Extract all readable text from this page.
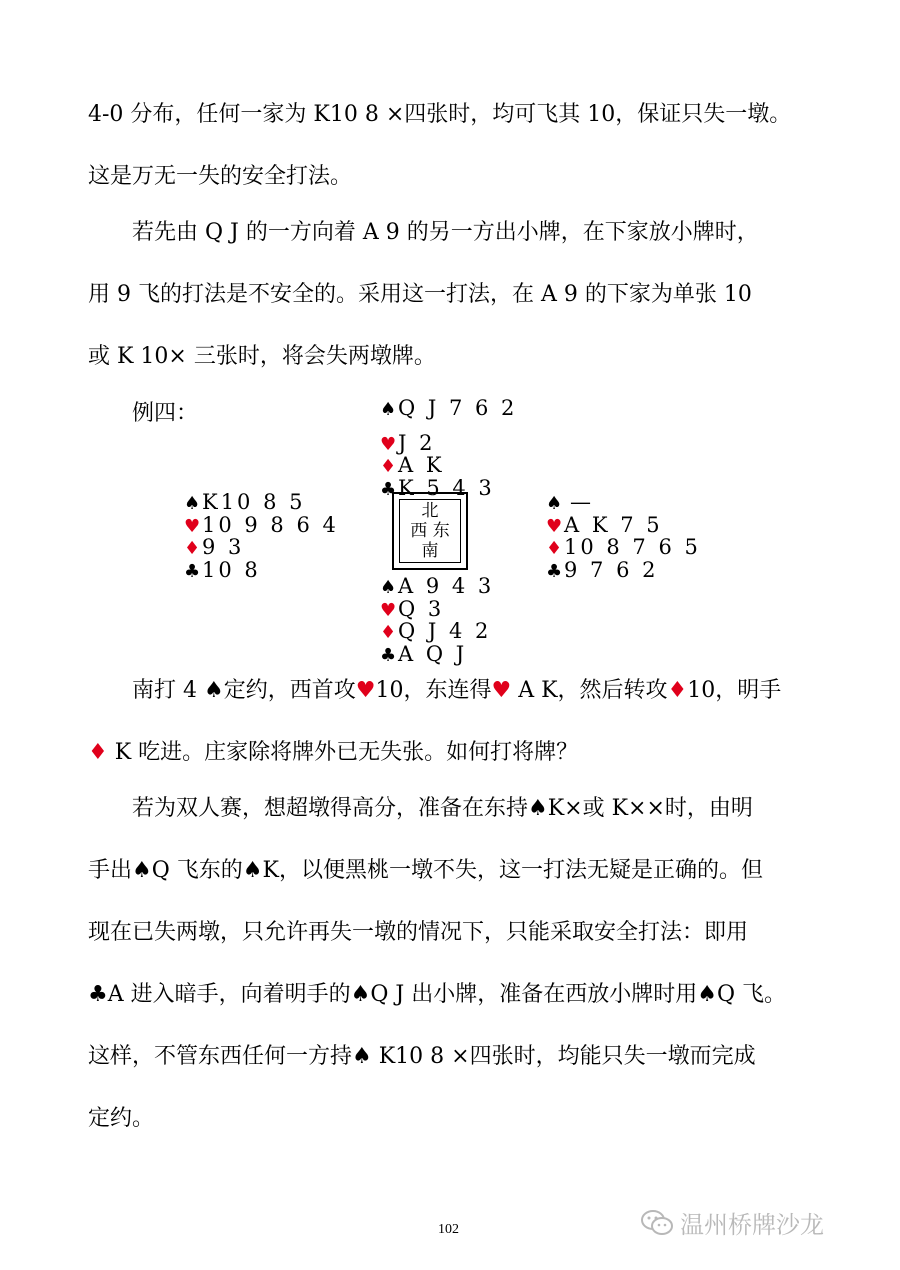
4-0 分布，任何一家为 K10 8 ×四张时，均可飞其 10，保证只失一墩。
这是万无一失的安全打法。

若先由 Q J 的一方向着 A 9 的另一方出小牌，在下家放小牌时，
用 9 飞的打法是不安全的。采用这一打法，在 A 9 的下家为单张 10
或 K 10× 三张时，将会失两墩牌。

例四：	♠Q J 7 6 2
♥J 2
♦A K
♣K 5 4 3
♠K10 8 5
♥10 9 8 6 4
♦9 3
♣10 8
北
西 东
南
♠ —
♥A K 7 5
♦10 8 7 6 5
♣9 7 6 2
♠A 9 4 3
♥Q 3
♦Q J 4 2
♣A Q J

南打 4 ♠定约，西首攻♥10，东连得♥ A K，然后转攻♦10，明手
♦ K 吃进。庄家除将牌外已无失张。如何打将牌？

若为双人赛，想超墩得高分，准备在东持♠K×或 K××时，由明
手出♠Q 飞东的♠K，以便黑桃一墩不失，这一打法无疑是正确的。但
现在已失两墩，只允许再失一墩的情况下，只能采取安全打法：即用
♣A 进入暗手，向着明手的♠Q J 出小牌，准备在西放小牌时用♠Q 飞。
这样，不管东西任何一方持♠ K10 8 ×四张时，均能只失一墩而完成
定约。

102	温州桥牌沙龙
